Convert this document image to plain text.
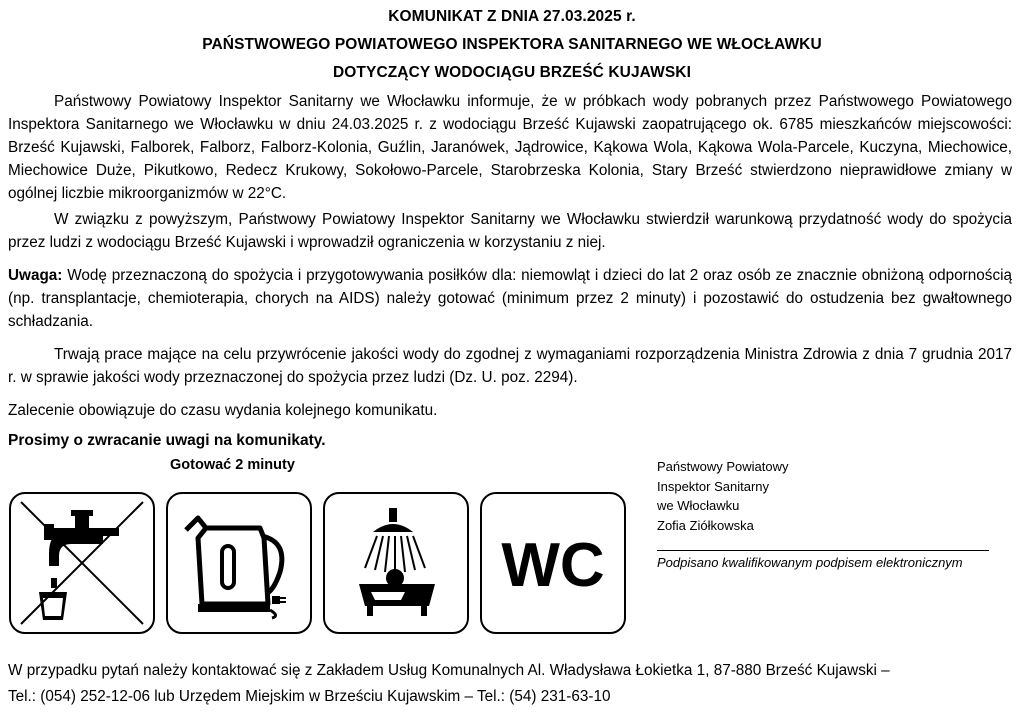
KOMUNIKAT Z DNIA 27.03.2025 r.
PAŃSTWOWEGO POWIATOWEGO INSPEKTORA SANITARNEGO WE WŁOCŁAWKU
DOTYCZĄCY WODOCIĄGU BRZEŚĆ KUJAWSKI

Państwowy Powiatowy Inspektor Sanitarny we Włocławku informuje, że w próbkach wody pobranych przez Państwowego Powiatowego Inspektora Sanitarnego we Włocławku w dniu 24.03.2025 r. z wodociągu Brześć Kujawski zaopatrującego ok. 6785 mieszkańców miejscowości: Brześć Kujawski, Falborek, Falborz, Falborz-Kolonia, Guźlin, Jaranówek, Jądrowice, Kąkowa Wola, Kąkowa Wola-Parcele, Kuczyna, Miechowice, Miechowice Duże, Pikutkowo, Redecz Krukowy, Sokołowo-Parcele, Starobrzeska Kolonia, Stary Brześć stwierdzono nieprawidłowe zmiany w ogólnej liczbie mikroorganizmów w 22°C.

W związku z powyższym, Państwowy Powiatowy Inspektor Sanitarny we Włocławku stwierdził warunkową przydatność wody do spożycia przez ludzi z wodociągu Brześć Kujawski i wprowadził ograniczenia w korzystaniu z niej.

Uwaga: Wodę przeznaczoną do spożycia i przygotowywania posiłków dla: niemowląt i dzieci do lat 2 oraz osób ze znacznie obniżoną odpornością (np. transplantacje, chemioterapia, chorych na AIDS) należy gotować (minimum przez 2 minuty) i pozostawić do ostudzenia bez gwałtownego schładzania.

Trwają prace mające na celu przywrócenie jakości wody do zgodnej z wymaganiami rozporządzenia Ministra Zdrowia z dnia 7 grudnia 2017 r. w sprawie jakości wody przeznaczonej do spożycia przez ludzi (Dz. U. poz. 2294).

Zalecenie obowiązuje do czasu wydania kolejnego komunikatu.

Prosimy o zwracanie uwagi na komunikaty.
Gotować 2 minuty
WC
Państwowy Powiatowy
Inspektor Sanitarny
we Włocławku
Zofia Ziółkowska
Podpisano kwalifikowanym podpisem elektronicznym
W przypadku pytań należy kontaktować się z Zakładem Usług Komunalnych Al. Władysława Łokietka 1, 87-880 Brześć Kujawski –
Tel.: (054) 252-12-06 lub Urzędem Miejskim w Brześciu Kujawskim – Tel.: (54) 231-63-10
